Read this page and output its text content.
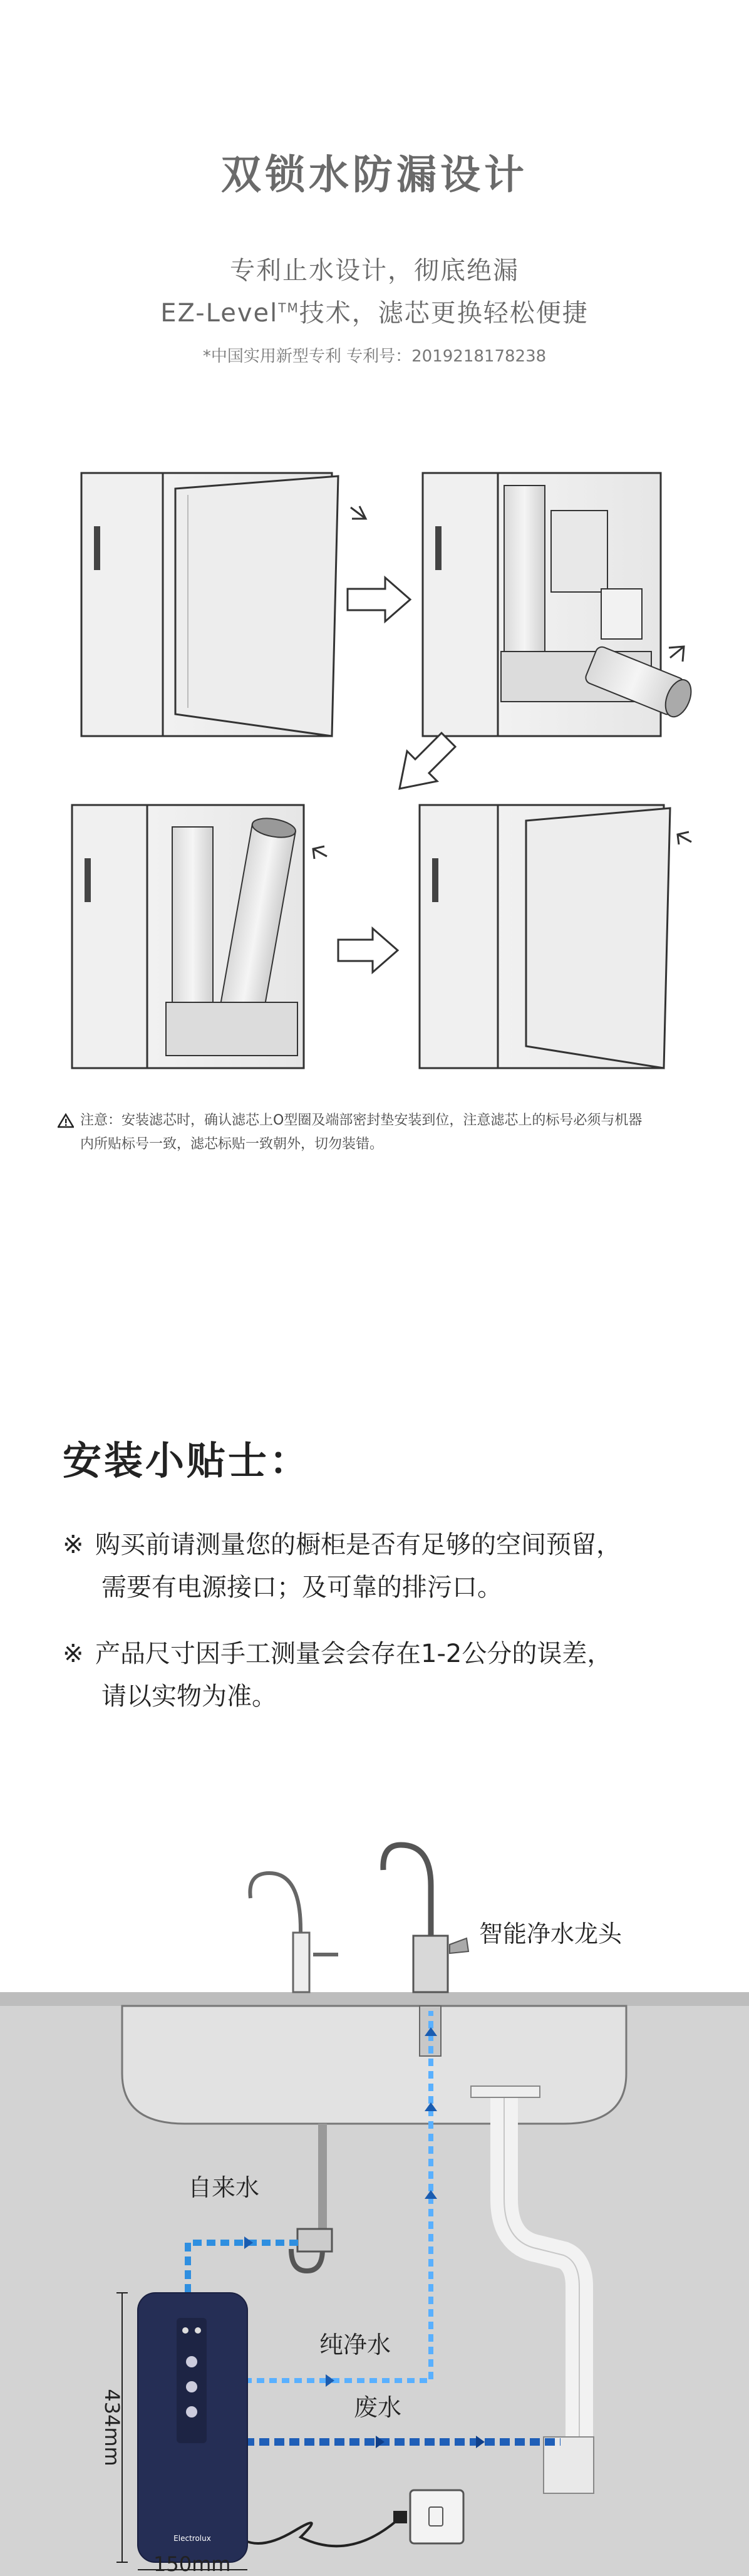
双锁水防漏设计
专利止水设计，彻底绝漏
EZ-Level™技术，滤芯更换轻松便捷
*中国实用新型专利 专利号：2019218178238
注意：安装滤芯时，确认滤芯上O型圈及端部密封垫安装到位，注意滤芯上的标号必须与机器
内所贴标号一致，滤芯标贴一致朝外，切勿装错。
安装小贴士：
※ 购买前请测量您的橱柜是否有足够的空间预留，
需要有电源接口；及可靠的排污口。
※ 产品尺寸因手工测量会会存在1-2公分的误差，
请以实物为准。
智能净水龙头
自来水
纯净水
废水
Electrolux
434mm
150mm
